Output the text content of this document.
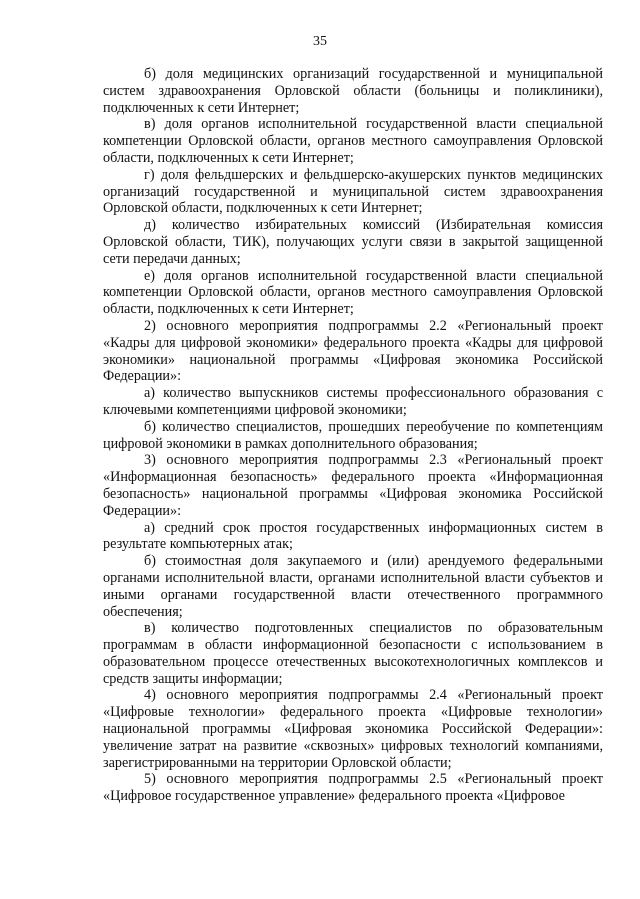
35

б) доля медицинских организаций государственной и муниципальной систем здравоохранения Орловской области (больницы и поликлиники), подключенных к сети Интернет;

в) доля органов исполнительной государственной власти специальной компетенции Орловской области, органов местного самоуправления Орловской области, подключенных к сети Интернет;

г) доля фельдшерских и фельдшерско-акушерских пунктов медицинских организаций государственной и муниципальной систем здравоохранения Орловской области, подключенных к сети Интернет;

д) количество избирательных комиссий (Избирательная комиссия Орловской области, ТИК), получающих услуги связи в закрытой защищенной сети передачи данных;

е) доля органов исполнительной государственной власти специальной компетенции Орловской области, органов местного самоуправления Орловской области, подключенных к сети Интернет;

2) основного мероприятия подпрограммы 2.2 «Региональный проект «Кадры для цифровой экономики» федерального проекта «Кадры для цифровой экономики» национальной программы «Цифровая экономика Российской Федерации»:

а) количество выпускников системы профессионального образования с ключевыми компетенциями цифровой экономики;

б) количество специалистов, прошедших переобучение по компетенциям цифровой экономики в рамках дополнительного образования;

3) основного мероприятия подпрограммы 2.3 «Региональный проект «Информационная безопасность» федерального проекта «Информационная безопасность» национальной программы «Цифровая экономика Российской Федерации»:

а) средний срок простоя государственных информационных систем в результате компьютерных атак;

б) стоимостная доля закупаемого и (или) арендуемого федеральными органами исполнительной власти, органами исполнительной власти субъектов и иными органами государственной власти отечественного программного обеспечения;

в) количество подготовленных специалистов по образовательным программам в области информационной безопасности с использованием в образовательном процессе отечественных высокотехнологичных комплексов и средств защиты информации;

4) основного мероприятия подпрограммы 2.4 «Региональный проект «Цифровые технологии» федерального проекта «Цифровые технологии» национальной программы «Цифровая экономика Российской Федерации»: увеличение затрат на развитие «сквозных» цифровых технологий компаниями, зарегистрированными на территории Орловской области;

5) основного мероприятия подпрограммы 2.5 «Региональный проект «Цифровое государственное управление» федерального проекта «Цифровое
